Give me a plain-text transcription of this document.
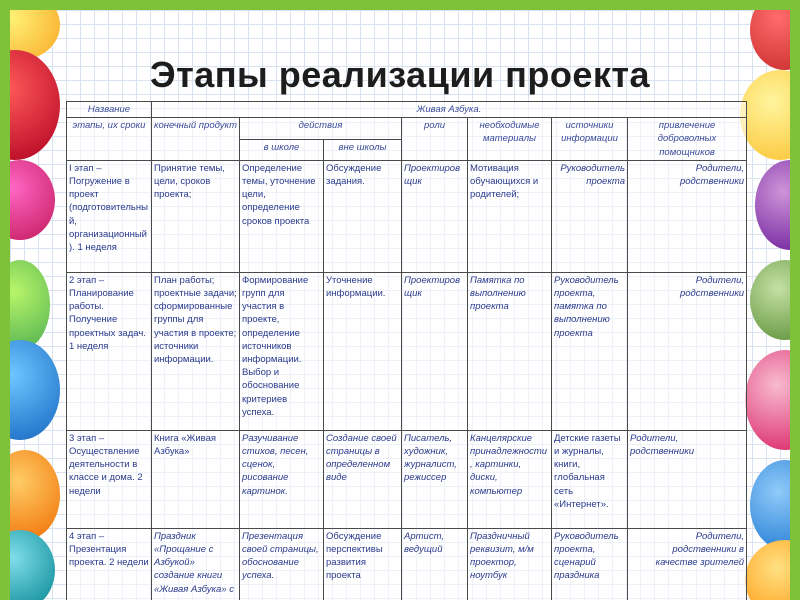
Этапы реализации проекта
Название	Живая Азбука.						
этапы, их сроки	конечный продукт	действия		роли	необходимые материалы	источники информации	привлечение доброволных помощников
		в школе	вне школы				
I этап – Погружение в проект (подготовительный, организационный). 1 неделя	Принятие темы, цели, сроков проекта;	Определение темы, уточнение цели, определение сроков проекта	Обсуждение задания.	Проектировщик	Мотивация обучающихся и родителей;	Руководитель проекта	Родители, родственники
2 этап – Планирование работы. Получение проектных задач. 1 неделя	План работы; проектные задачи; сформированные группы для участия в проекте; источники информации.	Формирование групп для участия в проекте, определение источников информации. Выбор и обоснование критериев успеха.	Уточнение информации.	Проектировщик	Памятка по выполнению проекта	Руководитель проекта, памятка по выполнению проекта	Родители, родственники
3 этап – Осуществление деятельности в классе и дома. 2 недели	Книга «Живая Азбука»	Разучивание стихов, песен, сценок, рисование картинок.	Создание своей страницы в определенном виде	Писатель, художник, журналист, режиссер	Канцелярские принадлежности, картинки, диски, компьютер	Детские газеты и журналы, книги, глобальная сеть «Интернет».	Родители, родственники
4 этап – Презентация проекта. 2 недели	Праздник «Прощание с Азбукой» создание книги «Живая Азбука» с	Презентация своей страницы, обоснование успеха.	Обсуждение перспективы развития проекта	Артист, ведущий	Праздничный реквизит, м/м проектор, ноутбук	Руководитель проекта, сценарий праздника	Родители, родственники в качестве зрителей
